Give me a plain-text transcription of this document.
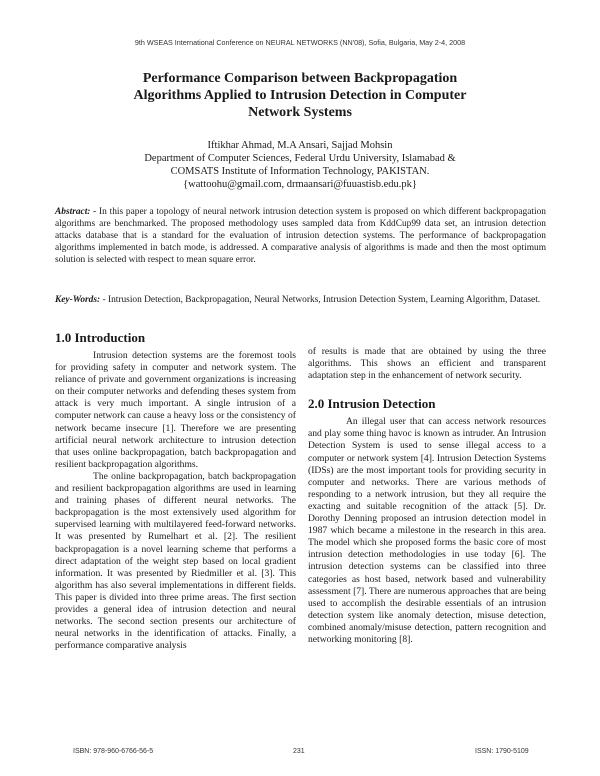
9th WSEAS International Conference on NEURAL NETWORKS (NN'08), Sofia, Bulgaria, May 2-4, 2008
Performance Comparison between Backpropagation
Algorithms Applied to Intrusion Detection in Computer
Network Systems
Iftikhar Ahmad, M.A Ansari, Sajjad Mohsin
Department of Computer Sciences, Federal Urdu University, Islamabad &
COMSATS Institute of Information Technology, PAKISTAN.
{wattoohu@gmail.com, drmaansari@fuuastisb.edu.pk}
Abstract: - In this paper a topology of neural network intrusion detection system is proposed on which different backpropagation algorithms are benchmarked. The proposed methodology uses sampled data from KddCup99 data set, an intrusion detection attacks database that is a standard for the evaluation of intrusion detection systems. The performance of backpropagation algorithms implemented in batch mode, is addressed. A comparative analysis of algorithms is made and then the most optimum solution is selected with respect to mean square error.
Key-Words: - Intrusion Detection, Backpropagation, Neural Networks, Intrusion Detection System, Learning Algorithm, Dataset.
1.0 Introduction

Intrusion detection systems are the foremost tools for providing safety in computer and network system. The reliance of private and government organizations is increasing on their computer networks and defending theses system from attack is very much important. A single intrusion of a computer network can cause a heavy loss or the consistency of network became insecure [1]. Therefore we are presenting artificial neural network architecture to intrusion detection that uses online backpropagation, batch backpropagation and resilient backpropagation algorithms.

The online backpropagation, batch backpropagation and resilient backpropagation algorithms are used in learning and training phases of different neural networks. The backpropagation is the most extensively used algorithm for supervised learning with multilayered feed-forward networks. It was presented by Rumelhart et al. [2]. The resilient backpropagation is a novel learning scheme that performs a direct adaptation of the weight step based on local gradient information. It was presented by Riedmiller et al. [3]. This algorithm has also several implementations in different fields. This paper is divided into three prime areas. The first section provides a general idea of intrusion detection and neural networks. The second section presents our architecture of neural networks in the identification of attacks. Finally, a performance comparative analysis

of results is made that are obtained by using the three algorithms. This shows an efficient and transparent adaptation step in the enhancement of network security.

2.0 Intrusion Detection

An illegal user that can access network resources and play some thing havoc is known as intruder. An Intrusion Detection System is used to sense illegal access to a computer or network system [4]. Intrusion Detection Systems (IDSs) are the most important tools for providing security in computer and networks. There are various methods of responding to a network intrusion, but they all require the exacting and suitable recognition of the attack [5]. Dr. Dorothy Denning proposed an intrusion detection model in 1987 which became a milestone in the research in this area. The model which she proposed forms the basic core of most intrusion detection methodologies in use today [6]. The intrusion detection systems can be classified into three categories as host based, network based and vulnerability assessment [7]. There are numerous approaches that are being used to accomplish the desirable essentials of an intrusion detection system like anomaly detection, misuse detection, combined anomaly/misuse detection, pattern recognition and networking monitoring [8].

ISBN: 978-960-6766-56-5	231	ISSN: 1790-5109
